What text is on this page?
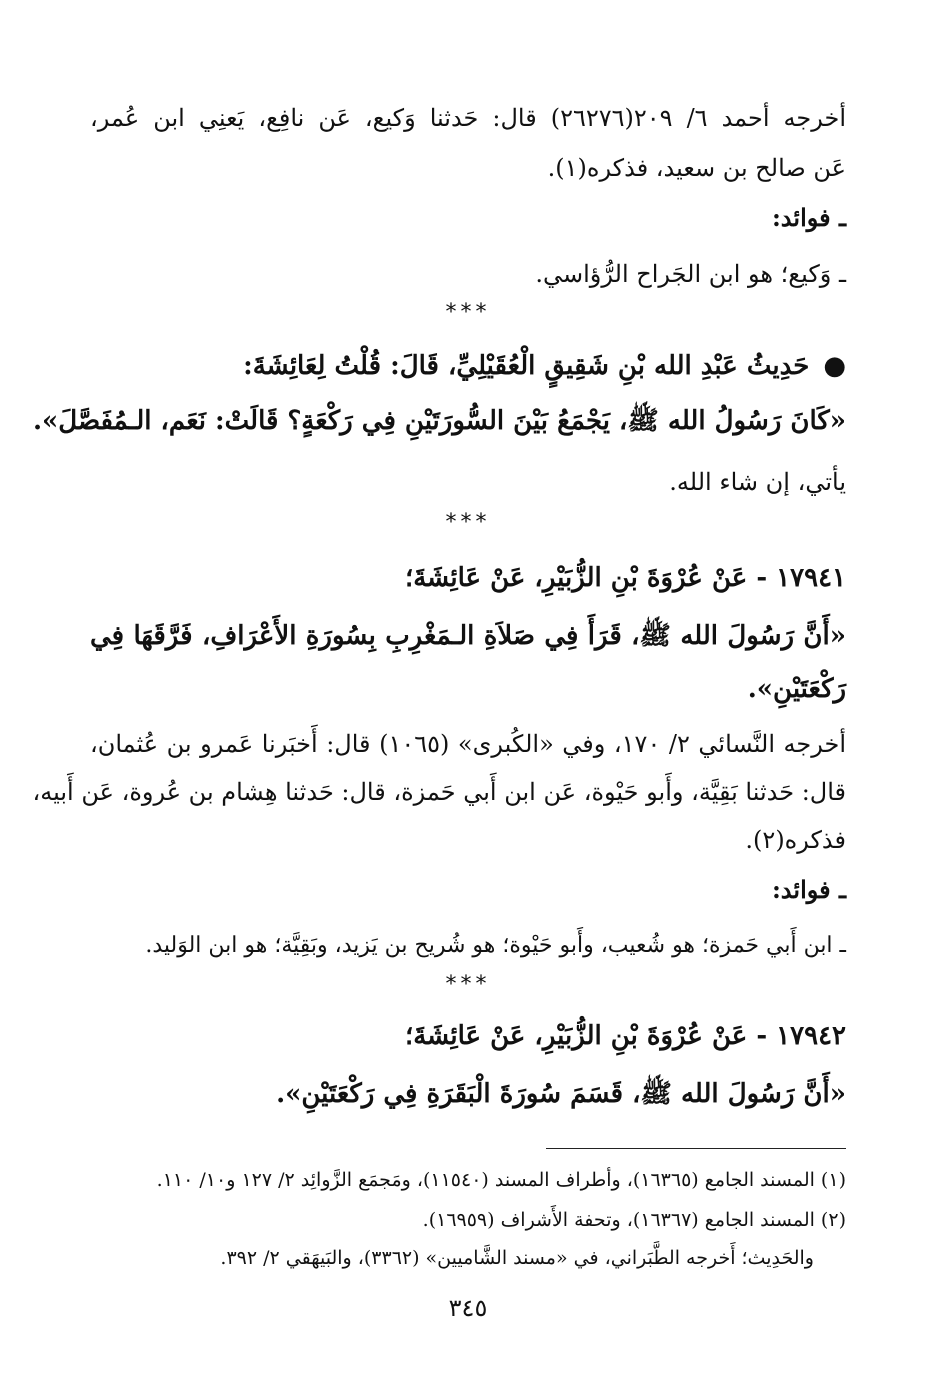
أخرجه أحمد ٦/ ٢٠٩(٢٦٢٧٦) قال: حَدثنا وَكيع، عَن نافِع، يَعنِي ابن عُمر،
عَن صالح بن سعيد، فذكره(١).
ـ فوائد:
ـ وَكيع؛ هو ابن الجَراح الرُّؤاسي.
***
●حَدِيثُ عَبْدِ الله بْنِ شَقِيقٍ الْعُقَيْلِيِّ، قَالَ: قُلْتُ لِعَائِشَةَ:
«كَانَ رَسُولُ الله ﷺ، يَجْمَعُ بَيْنَ السُّورَتَيْنِ فِي رَكْعَةٍ؟ قَالَتْ: نَعَم، الـمُفَصَّلَ».
يأتي، إن شاء الله.
***
١٧٩٤١ - عَنْ عُرْوَةَ بْنِ الزُّبَيْرِ، عَنْ عَائِشَةَ؛
«أَنَّ رَسُولَ الله ﷺ، قَرَأَ فِي صَلاَةِ الـمَغْرِبِ بِسُورَةِ الأَعْرَافِ، فَرَّقَهَا فِي
رَكْعَتَيْنِ».
أخرجه النَّسائي ٢/ ١٧٠، وفي «الكُبرى» (١٠٦٥) قال: أَخبَرنا عَمرو بن عُثمان،
قال: حَدثنا بَقِيَّة، وأَبو حَيْوة، عَن ابن أَبي حَمزة، قال: حَدثنا هِشام بن عُروة، عَن أَبيه،
فذكره(٢).
ـ فوائد:
ـ ابن أَبي حَمزة؛ هو شُعيب، وأَبو حَيْوة؛ هو شُريح بن يَزيد، وبَقِيَّة؛ هو ابن الوَليد.
***
١٧٩٤٢ - عَنْ عُرْوَةَ بْنِ الزُّبَيْرِ، عَنْ عَائِشَةَ؛
«أَنَّ رَسُولَ الله ﷺ، قَسَمَ سُورَةَ الْبَقَرَةِ فِي رَكْعَتَيْنِ».
(١) المسند الجامع (١٦٣٦٥)، وأطراف المسند (١١٥٤٠)، ومَجمَع الزَّوائِد ٢/ ١٢٧ و١٠/ ١١٠.
(٢) المسند الجامع (١٦٣٦٧)، وتحفة الأَشراف (١٦٩٥٩).
والحَدِيث؛ أَخرجه الطَّبَراني، في «مسند الشَّاميين» (٣٣٦٢)، والبَيهَقي ٢/ ٣٩٢.
٣٤٥
